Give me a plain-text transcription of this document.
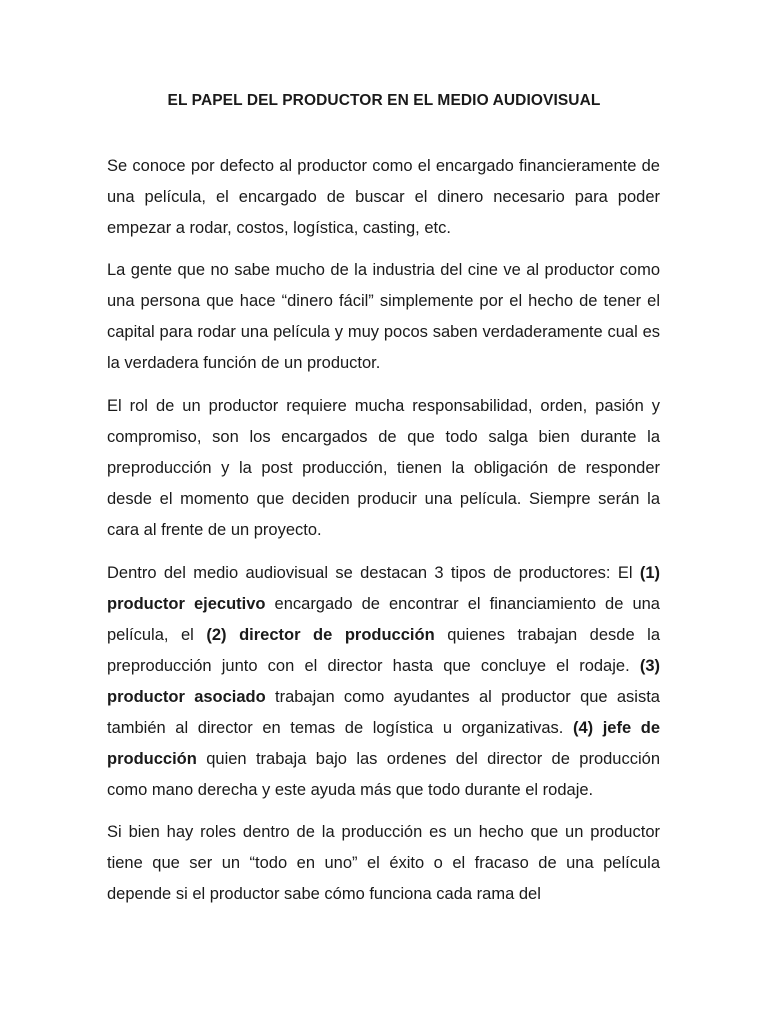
EL PAPEL DEL PRODUCTOR EN EL MEDIO AUDIOVISUAL

Se conoce por defecto al productor como el encargado financieramente de una película, el encargado de buscar el dinero necesario para poder empezar a rodar, costos, logística, casting, etc.

La gente que no sabe mucho de la industria del cine ve al productor como una persona que hace “dinero fácil” simplemente por el hecho de tener el capital para rodar una película y muy pocos saben verdaderamente cual es la verdadera función de un productor.

El rol de un productor requiere mucha responsabilidad, orden, pasión y compromiso, son los encargados de que todo salga bien durante la preproducción y la post producción, tienen la obligación de responder desde el momento que deciden producir una película. Siempre serán la cara al frente de un proyecto.

Dentro del medio audiovisual se destacan 3 tipos de productores: El (1) productor ejecutivo encargado de encontrar el financiamiento de una película, el (2) director de producción quienes trabajan desde la preproducción junto con el director hasta que concluye el rodaje. (3) productor asociado trabajan como ayudantes al productor que asista también al director en temas de logística u organizativas. (4) jefe de producción quien trabaja bajo las ordenes del director de producción como mano derecha y este ayuda más que todo durante el rodaje.

Si bien hay roles dentro de la producción es un hecho que un productor tiene que ser un “todo en uno” el éxito o el fracaso de una película depende si el productor sabe cómo funciona cada rama del
